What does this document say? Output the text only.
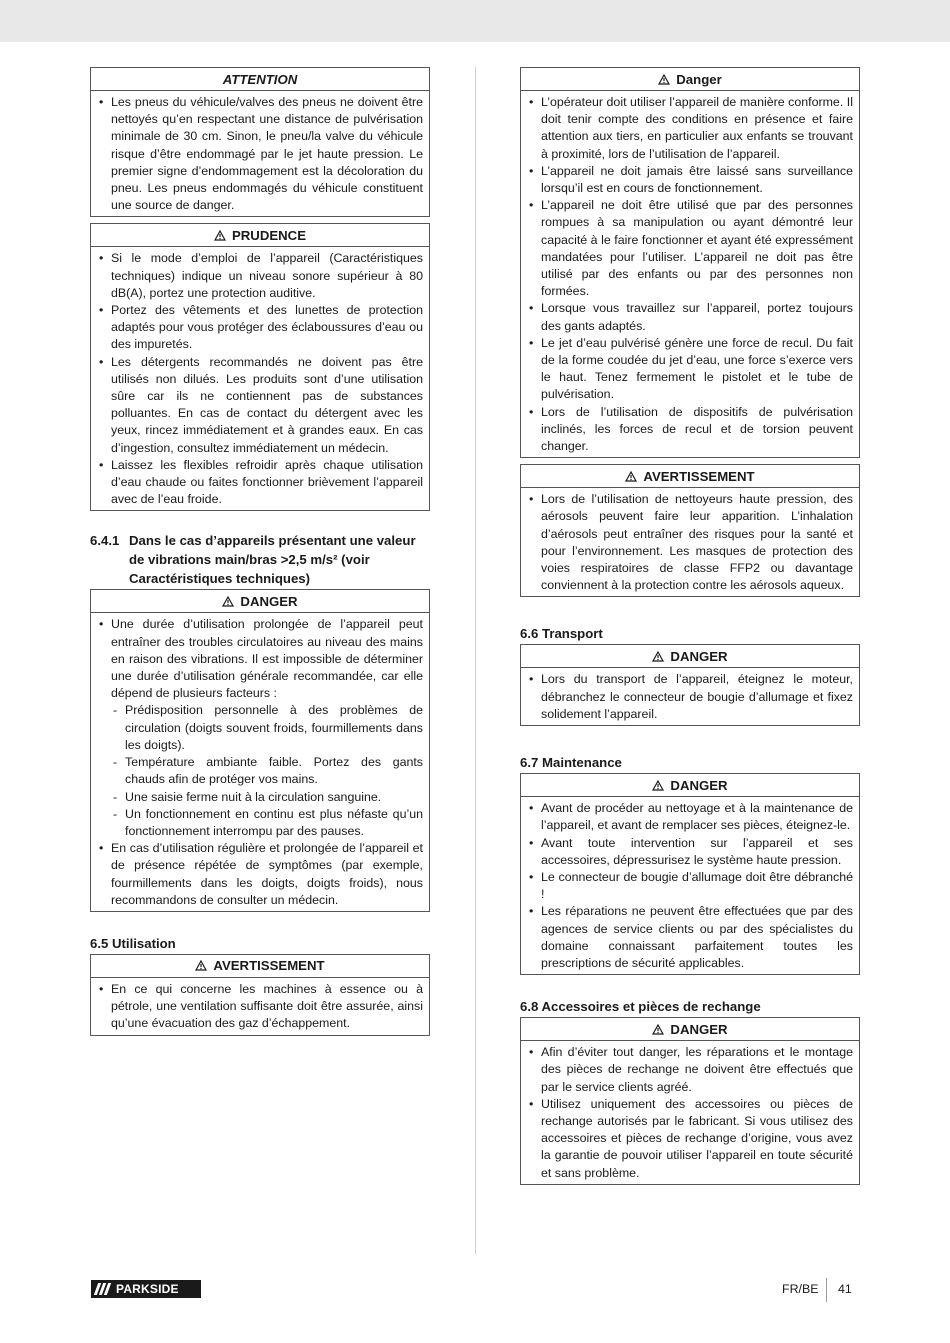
ATTENTION
• Les pneus du véhicule/valves des pneus ne doivent être nettoyés qu’en respectant une distance de pulvérisation minimale de 30 cm. Sinon, le pneu/la valve du véhicule risque d’être endommagé par le jet haute pression. Le premier signe d’endommagement est la décoloration du pneu. Les pneus endommagés du véhicule constituent une source de danger.
PRUDENCE
• Si le mode d’emploi de l’appareil (Caractéristiques techniques) indique un niveau sonore supérieur à 80 dB(A), portez une protection auditive.
• Portez des vêtements et des lunettes de protection adaptés pour vous protéger des éclaboussures d’eau ou des impuretés.
• Les détergents recommandés ne doivent pas être utilisés non dilués. Les produits sont d’une utilisation sûre car ils ne contiennent pas de substances polluantes. En cas de contact du détergent avec les yeux, rincez immédiatement et à grandes eaux. En cas d’ingestion, consultez immédiatement un médecin.
• Laissez les flexibles refroidir après chaque utilisation d’eau chaude ou faites fonctionner brièvement l’appareil avec de l’eau froide.
6.4.1 Dans le cas d’appareils présentant une valeur de vibrations main/bras >2,5 m/s² (voir Caractéristiques techniques)
DANGER
• Une durée d’utilisation prolongée de l’appareil peut entraîner des troubles circulatoires au niveau des mains en raison des vibrations. Il est impossible de déterminer une durée d’utilisation générale recommandée, car elle dépend de plusieurs facteurs :
- Prédisposition personnelle à des problèmes de circulation (doigts souvent froids, fourmillements dans les doigts).
- Température ambiante faible. Portez des gants chauds afin de protéger vos mains.
- Une saisie ferme nuit à la circulation sanguine.
- Un fonctionnement en continu est plus néfaste qu’un fonctionnement interrompu par des pauses.
• En cas d’utilisation régulière et prolongée de l’appareil et de présence répétée de symptômes (par exemple, fourmillements dans les doigts, doigts froids), nous recommandons de consulter un médecin.
6.5 Utilisation
AVERTISSEMENT
• En ce qui concerne les machines à essence ou à pétrole, une ventilation suffisante doit être assurée, ainsi qu’une évacuation des gaz d’échappement.
Danger
• L’opérateur doit utiliser l’appareil de manière conforme. Il doit tenir compte des conditions en présence et faire attention aux tiers, en particulier aux enfants se trouvant à proximité, lors de l’utilisation de l’appareil.
• L’appareil ne doit jamais être laissé sans surveillance lorsqu’il est en cours de fonctionnement.
• L’appareil ne doit être utilisé que par des personnes rompues à sa manipulation ou ayant démontré leur capacité à le faire fonctionner et ayant été expressément mandatées pour l’utiliser. L’appareil ne doit pas être utilisé par des enfants ou par des personnes non formées.
• Lorsque vous travaillez sur l’appareil, portez toujours des gants adaptés.
• Le jet d’eau pulvérisé génère une force de recul. Du fait de la forme coudée du jet d’eau, une force s’exerce vers le haut. Tenez fermement le pistolet et le tube de pulvérisation.
• Lors de l’utilisation de dispositifs de pulvérisation inclinés, les forces de recul et de torsion peuvent changer.
AVERTISSEMENT
• Lors de l’utilisation de nettoyeurs haute pression, des aérosols peuvent faire leur apparition. L’inhalation d’aérosols peut entraîner des risques pour la santé et pour l’environnement. Les masques de protection des voies respiratoires de classe FFP2 ou davantage conviennent à la protection contre les aérosols aqueux.
6.6 Transport
DANGER
• Lors du transport de l’appareil, éteignez le moteur, débranchez le connecteur de bougie d’allumage et fixez solidement l’appareil.
6.7 Maintenance
DANGER
• Avant de procéder au nettoyage et à la maintenance de l’appareil, et avant de remplacer ses pièces, éteignez-le.
• Avant toute intervention sur l’appareil et ses accessoires, dépressurisez le système haute pression.
• Le connecteur de bougie d’allumage doit être débranché !
• Les réparations ne peuvent être effectuées que par des agences de service clients ou par des spécialistes du domaine connaissant parfaitement toutes les prescriptions de sécurité applicables.
6.8 Accessoires et pièces de rechange
DANGER
• Afin d’éviter tout danger, les réparations et le montage des pièces de rechange ne doivent être effectués que par le service clients agréé.
• Utilisez uniquement des accessoires ou pièces de rechange autorisés par le fabricant. Si vous utilisez des accessoires et pièces de rechange d’origine, vous avez la garantie de pouvoir utiliser l’appareil en toute sécurité et sans problème.
PARKSIDE	FR/BE 41
